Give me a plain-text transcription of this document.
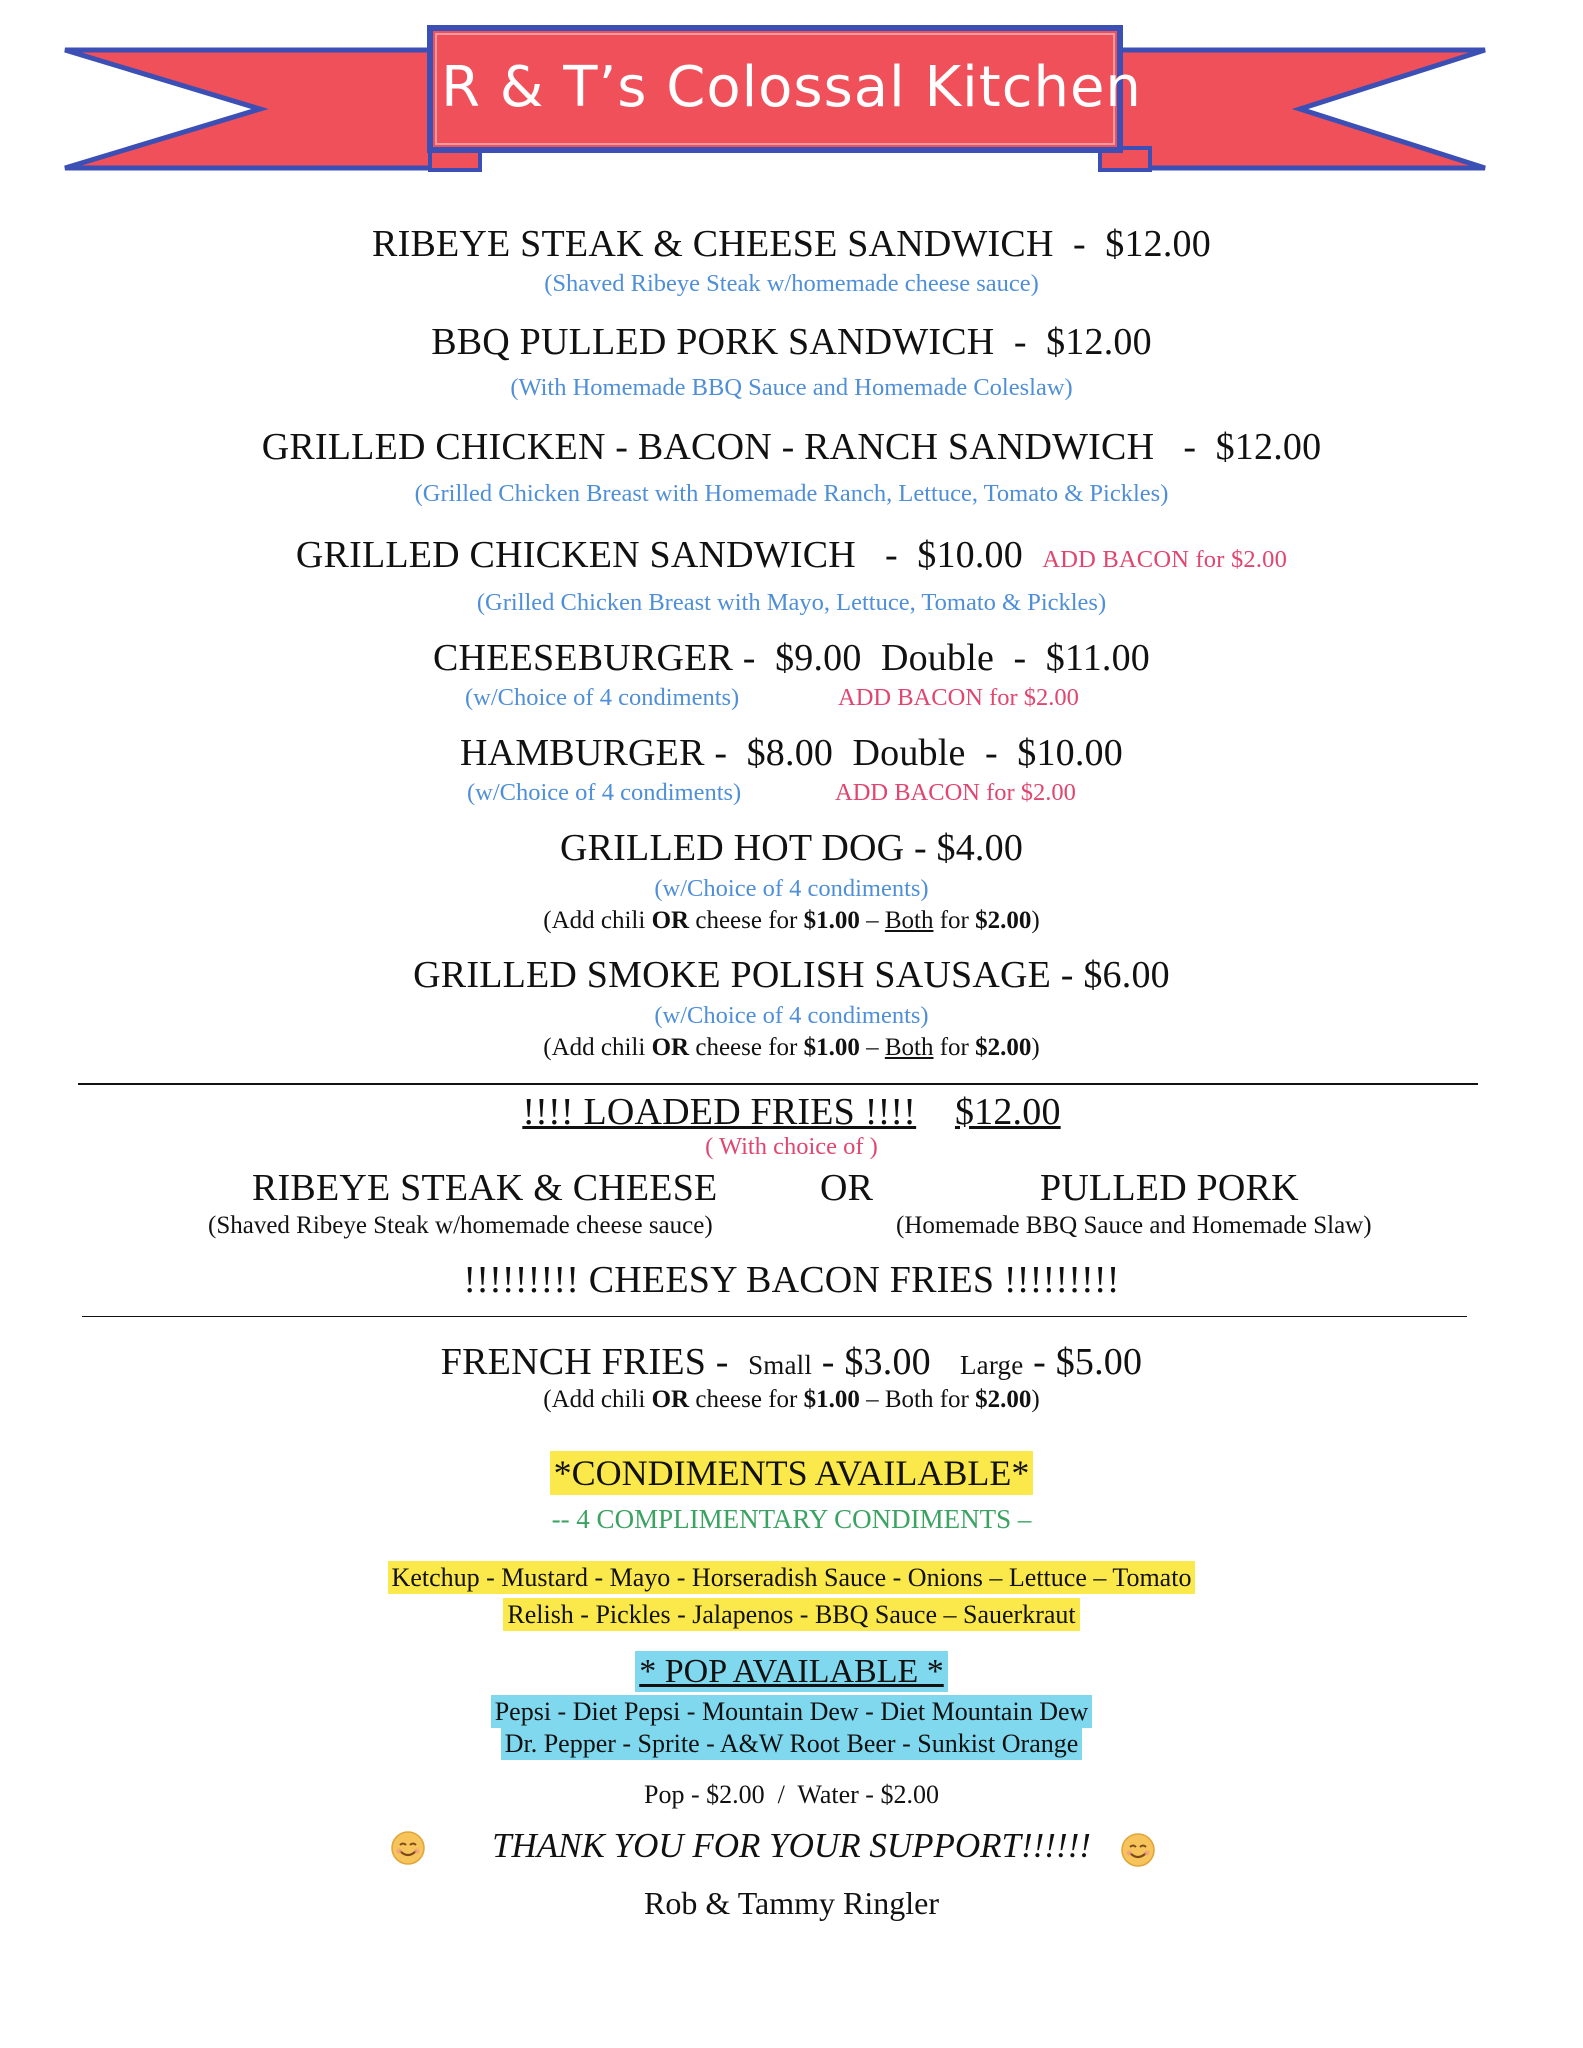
R & T’s Colossal Kitchen
RIBEYE STEAK & CHEESE SANDWICH  -  $12.00
(Shaved Ribeye Steak w/homemade cheese sauce)
BBQ PULLED PORK SANDWICH  -  $12.00
(With Homemade BBQ Sauce and Homemade Coleslaw)
GRILLED CHICKEN - BACON - RANCH SANDWICH   -  $12.00
(Grilled Chicken Breast with Homemade Ranch, Lettuce, Tomato & Pickles)
GRILLED CHICKEN SANDWICH   -  $10.00 ADD BACON for $2.00
(Grilled Chicken Breast with Mayo, Lettuce, Tomato & Pickles)
CHEESEBURGER -  $9.00 Double  -  $11.00
(w/Choice of 4 condiments)	ADD BACON for $2.00
HAMBURGER -  $8.00 Double  -  $10.00
(w/Choice of 4 condiments)	ADD BACON for $2.00
GRILLED HOT DOG - $4.00
(w/Choice of 4 condiments)
(Add chili OR cheese for $1.00 – Both for $2.00)
GRILLED SMOKE POLISH SAUSAGE - $6.00
(w/Choice of 4 condiments)
(Add chili OR cheese for $1.00 – Both for $2.00)
!!!! LOADED FRIES !!!! $12.00
( With choice of )
RIBEYE STEAK & CHEESE	OR	PULLED PORK
(Shaved Ribeye Steak w/homemade cheese sauce)	(Homemade BBQ Sauce and Homemade Slaw)
!!!!!!!!! CHEESY BACON FRIES !!!!!!!!!
FRENCH FRIES -  Small - $3.00 Large - $5.00
(Add chili OR cheese for $1.00 – Both for $2.00)
*CONDIMENTS AVAILABLE*
-- 4 COMPLIMENTARY CONDIMENTS –
Ketchup - Mustard - Mayo - Horseradish Sauce - Onions – Lettuce – Tomato
Relish - Pickles - Jalapenos - BBQ Sauce – Sauerkraut
* POP AVAILABLE *
Pepsi - Diet Pepsi - Mountain Dew - Diet Mountain Dew
Dr. Pepper - Sprite - A&W Root Beer - Sunkist Orange
Pop - $2.00  /  Water - $2.00
THANK YOU FOR YOUR SUPPORT!!!!!!
Rob & Tammy Ringler
